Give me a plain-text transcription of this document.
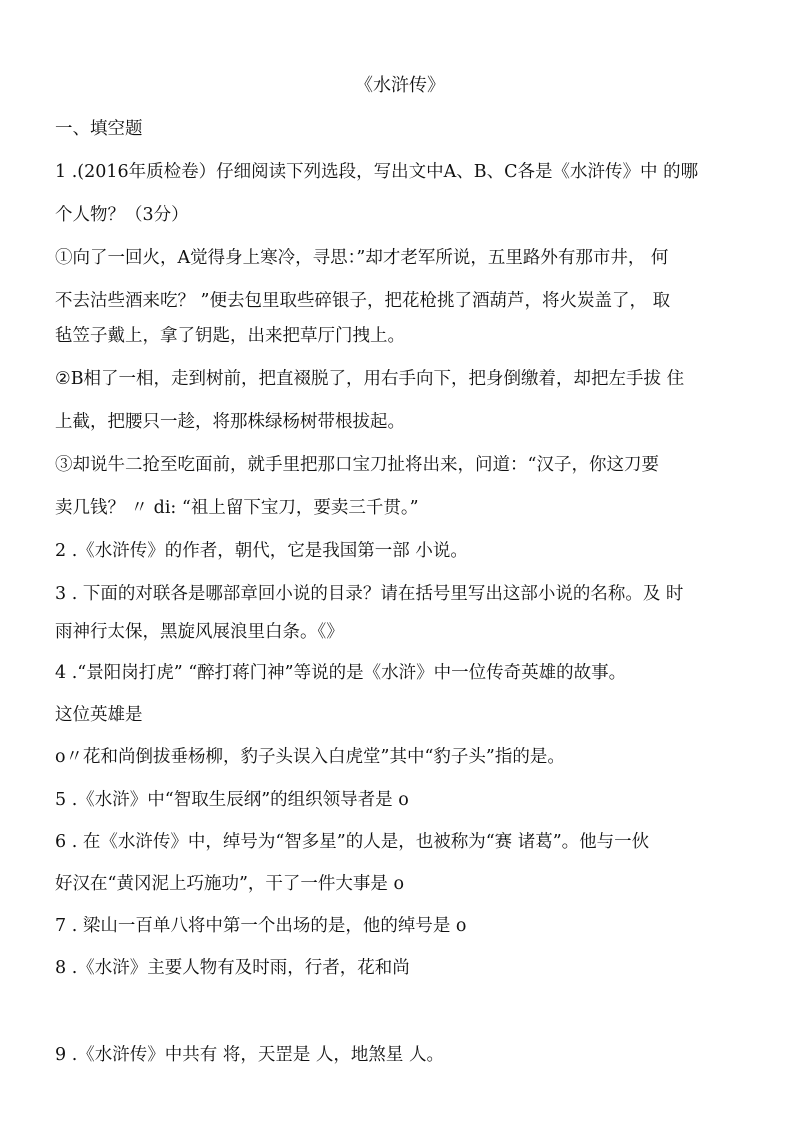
《水浒传》
一、填空题
1 .(2016年质检卷）仔细阅读下列选段，写出文中A、B、C各是《水浒传》中 的哪
个人物？（3分）
①向了一回火，A觉得身上寒冷，寻思：”却才老军所说，五里路外有那市井， 何
不去沽些酒来吃？ ”便去包里取些碎银子，把花枪挑了酒葫芦，将火炭盖了， 取
毡笠子戴上，拿了钥匙，出来把草厅门拽上。
②B相了一相，走到树前，把直裰脱了，用右手向下，把身倒缴着，却把左手拔 住
上截，把腰只一趁，将那株绿杨树带根拔起。
③却说牛二抢至吃面前，就手里把那口宝刀扯将出来，问道：“汉子，你这刀要
卖几钱？ 〃 di: “祖上留下宝刀，要卖三千贯。”
2 .《水浒传》的作者，朝代，它是我国第一部 小说。
3 . 下面的对联各是哪部章回小说的目录？请在括号里写出这部小说的名称。及 时
雨神行太保，黑旋风展浪里白条。《》
4 .“景阳岗打虎” “醉打蒋门神”等说的是《水浒》中一位传奇英雄的故事。
这位英雄是
o〃花和尚倒拔垂杨柳，豹子头误入白虎堂”其中“豹子头”指的是。
5 .《水浒》中“智取生辰纲”的组织领导者是 o
6 . 在《水浒传》中，绰号为“智多星”的人是，也被称为“赛 诸葛”。他与一伙
好汉在“黄冈泥上巧施功”，干了一件大事是 o
7 . 梁山一百单八将中第一个出场的是，他的绰号是 o
8 .《水浒》主要人物有及时雨，行者，花和尚
9 .《水浒传》中共有 将，天罡是 人，地煞星 人。
